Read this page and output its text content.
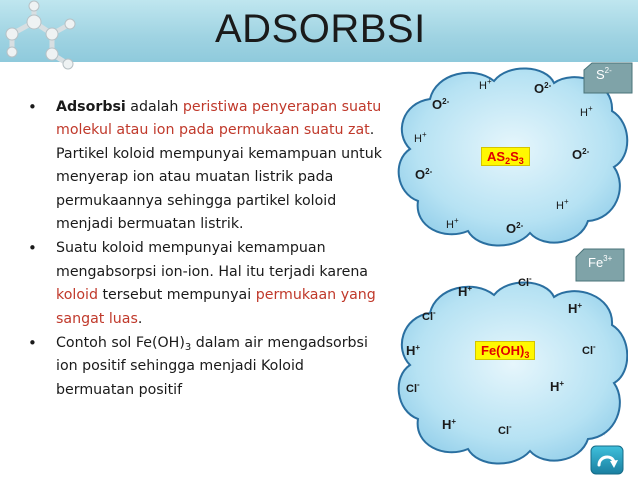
ADSORBSI
• Adsorbsi adalah peristiwa penyerapan suatu molekul atau ion pada permukaan suatu zat. Partikel koloid mempunyai kemampuan untuk menyerap ion atau muatan listrik pada permukaannya sehingga partikel koloid menjadi bermuatan listrik.
• Suatu koloid mempunyai kemampuan mengabsorpsi ion-ion. Hal itu terjadi karena koloid tersebut mempunyai permukaan yang sangat luas.
• Contoh sol $Fe(OH)_3$ dalam air mengadsorbsi ion positif sehingga menjadi Koloid bermuatan positif
$S^{2-}$
$AS_2S_3$
H+	$O^{2-}$
$O^{2-}$
H+
H+
$O^{2-}$
$O^{2-}$
H+
H+
$O^{2-}$
$Fe^{3+}$
$Fe(OH)_3$
Cl-
H+
H+
Cl-
H+	Cl-
Cl-	H+
H+
Cl-
